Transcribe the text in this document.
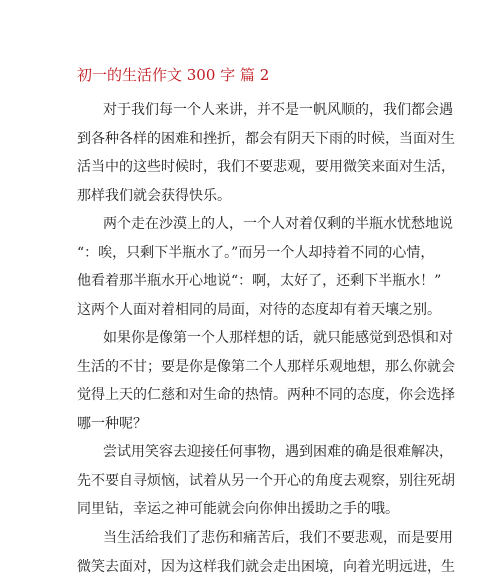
初一的生活作文 300 字 篇 2
对于我们每一个人来讲，并不是一帆风顺的，我们都会遇
到各种各样的困难和挫折，都会有阴天下雨的时候，当面对生
活当中的这些时候时，我们不要悲观，要用微笑来面对生活，
那样我们就会获得快乐。
两个走在沙漠上的人，一个人对着仅剩的半瓶水忧愁地说
“：唉，只剩下半瓶水了。”而另一个人却持着不同的心情，
他看着那半瓶水开心地说“：啊，太好了，还剩下半瓶水！”
这两个人面对着相同的局面，对待的态度却有着天壤之别。
如果你是像第一个人那样想的话，就只能感觉到恐惧和对
生活的不甘；要是你是像第二个人那样乐观地想，那么你就会
觉得上天的仁慈和对生命的热情。两种不同的态度，你会选择
哪一种呢？
尝试用笑容去迎接任何事物，遇到困难的确是很难解决，
先不要自寻烦恼，试着从另一个开心的角度去观察，别往死胡
同里钻，幸运之神可能就会向你伸出援助之手的哦。
当生活给我们了悲伤和痛苦后，我们不要悲观，而是要用
微笑去面对，因为这样我们就会走出困境，向着光明远进，生
